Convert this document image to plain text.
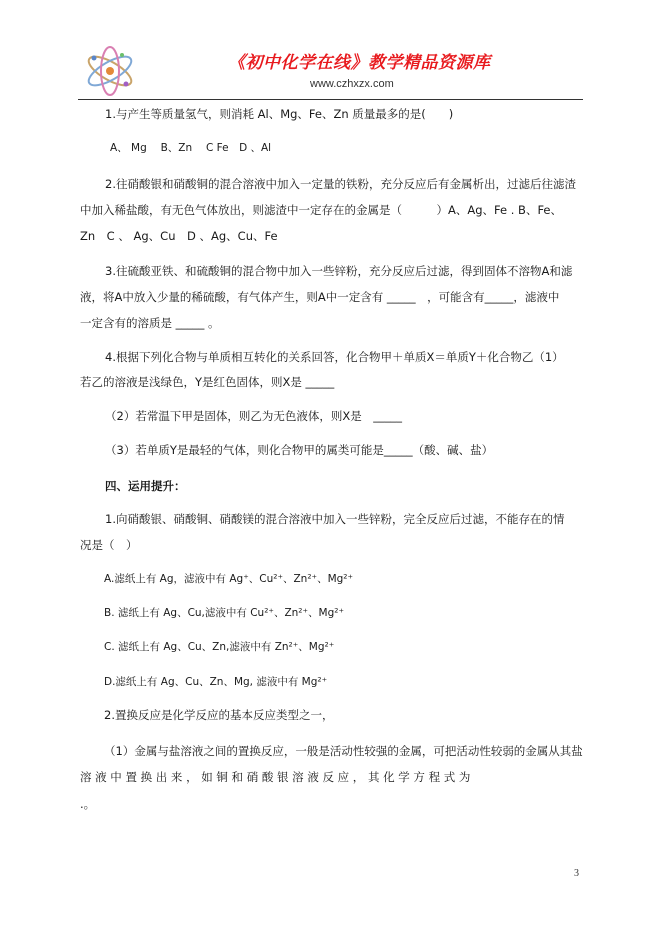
《初中化学在线》教学精品资源库
www.czhxzx.com
1.与产生等质量氢气，则消耗 Al、Mg、Fe、Zn 质量最多的是(　　)
A、 Mg　 B、Zn　 C Fe　D 、Al
2.往硝酸银和硝酸铜的混合溶液中加入一定量的铁粉，充分反应后有金属析出，过滤后往滤渣
中加入稀盐酸，有无色气体放出，则滤渣中一定存在的金属是（　　　）A、Ag、Fe . B、Fe、
Zn　C 、 Ag、Cu　D 、Ag、Cu、Fe
3.往硫酸亚铁、和硫酸铜的混合物中加入一些锌粉，充分反应后过滤，得到固体不溶物A和滤
液，将A中放入少量的稀硫酸，有气体产生，则A中一定含有 _____　，可能含有_____，滤液中
一定含有的溶质是 _____ 。
4.根据下列化合物与单质相互转化的关系回答，化合物甲＋单质X＝单质Y＋化合物乙（1）
若乙的溶液是浅绿色，Y是红色固体，则X是 _____
（2）若常温下甲是固体，则乙为无色液体，则X是　_____
（3）若单质Y是最轻的气体，则化合物甲的属类可能是_____（酸、碱、盐）
四、运用提升：
1.向硝酸银、硝酸铜、硝酸镁的混合溶液中加入一些锌粉，完全反应后过滤，不能存在的情
况是（　）
A.滤纸上有 Ag，滤液中有 Ag⁺、Cu²⁺、Zn²⁺、Mg²⁺
B. 滤纸上有 Ag、Cu,滤液中有 Cu²⁺、Zn²⁺、Mg²⁺
C. 滤纸上有 Ag、Cu、Zn,滤液中有 Zn²⁺、Mg²⁺
D.滤纸上有 Ag、Cu、Zn、Mg, 滤液中有 Mg²⁺
2.置换反应是化学反应的基本反应类型之一，
（1）金属与盐溶液之间的置换反应，一般是活动性较强的金属，可把活动性较弱的金属从其盐
溶 液 中 置 换 出 来 ， 如 铜 和 硝 酸 银 溶 液 反 应 ， 其 化 学 方 程 式 为
.。
3
